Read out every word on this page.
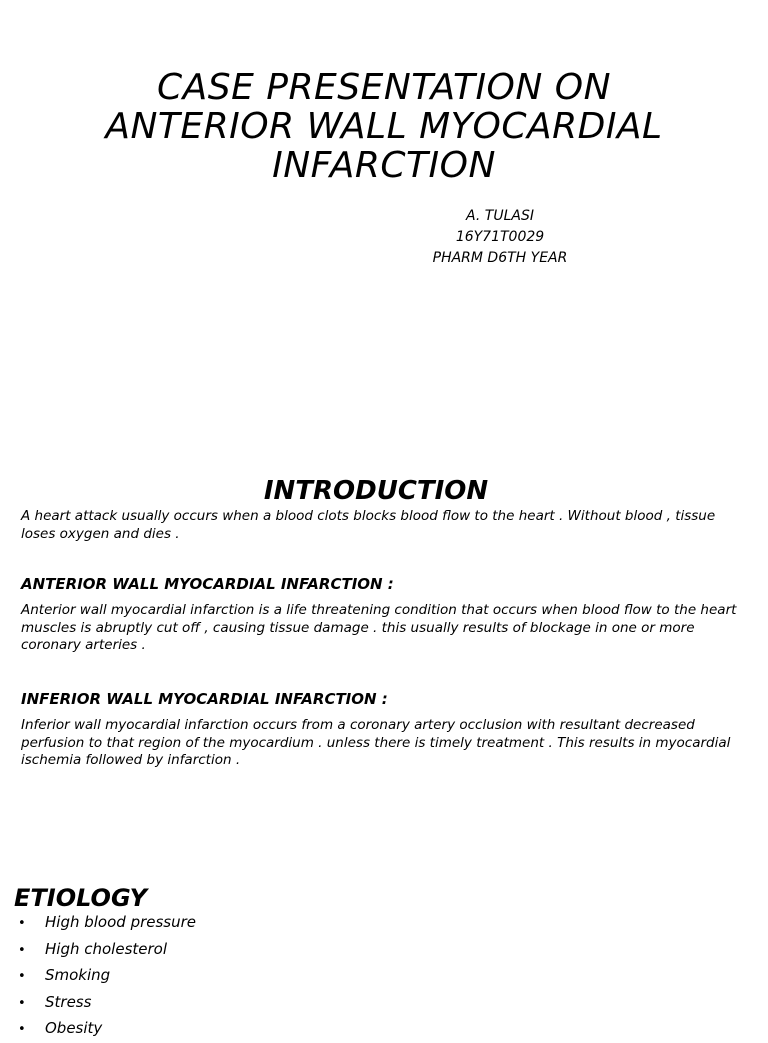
CASE PRESENTATION ON
ANTERIOR WALL MYOCARDIAL
INFARCTION
A. TULASI
16Y71T0029
PHARM D6TH YEAR
INTRODUCTION

A heart attack usually occurs when a blood clots blocks blood flow to the heart . Without blood , tissue loses oxygen and dies .

ANTERIOR WALL MYOCARDIAL INFARCTION :

Anterior wall myocardial infarction is a life threatening condition that occurs when blood flow to the heart muscles is abruptly cut off , causing tissue damage . this usually results of blockage in one or more coronary arteries .

INFERIOR WALL MYOCARDIAL INFARCTION :

Inferior wall myocardial infarction occurs from a coronary artery occlusion with resultant decreased perfusion to that region of the myocardium . unless there is timely treatment . This results in myocardial ischemia followed by infarction .

ETIOLOGY
• High blood pressure
• High cholesterol
• Smoking
• Stress
• Obesity
